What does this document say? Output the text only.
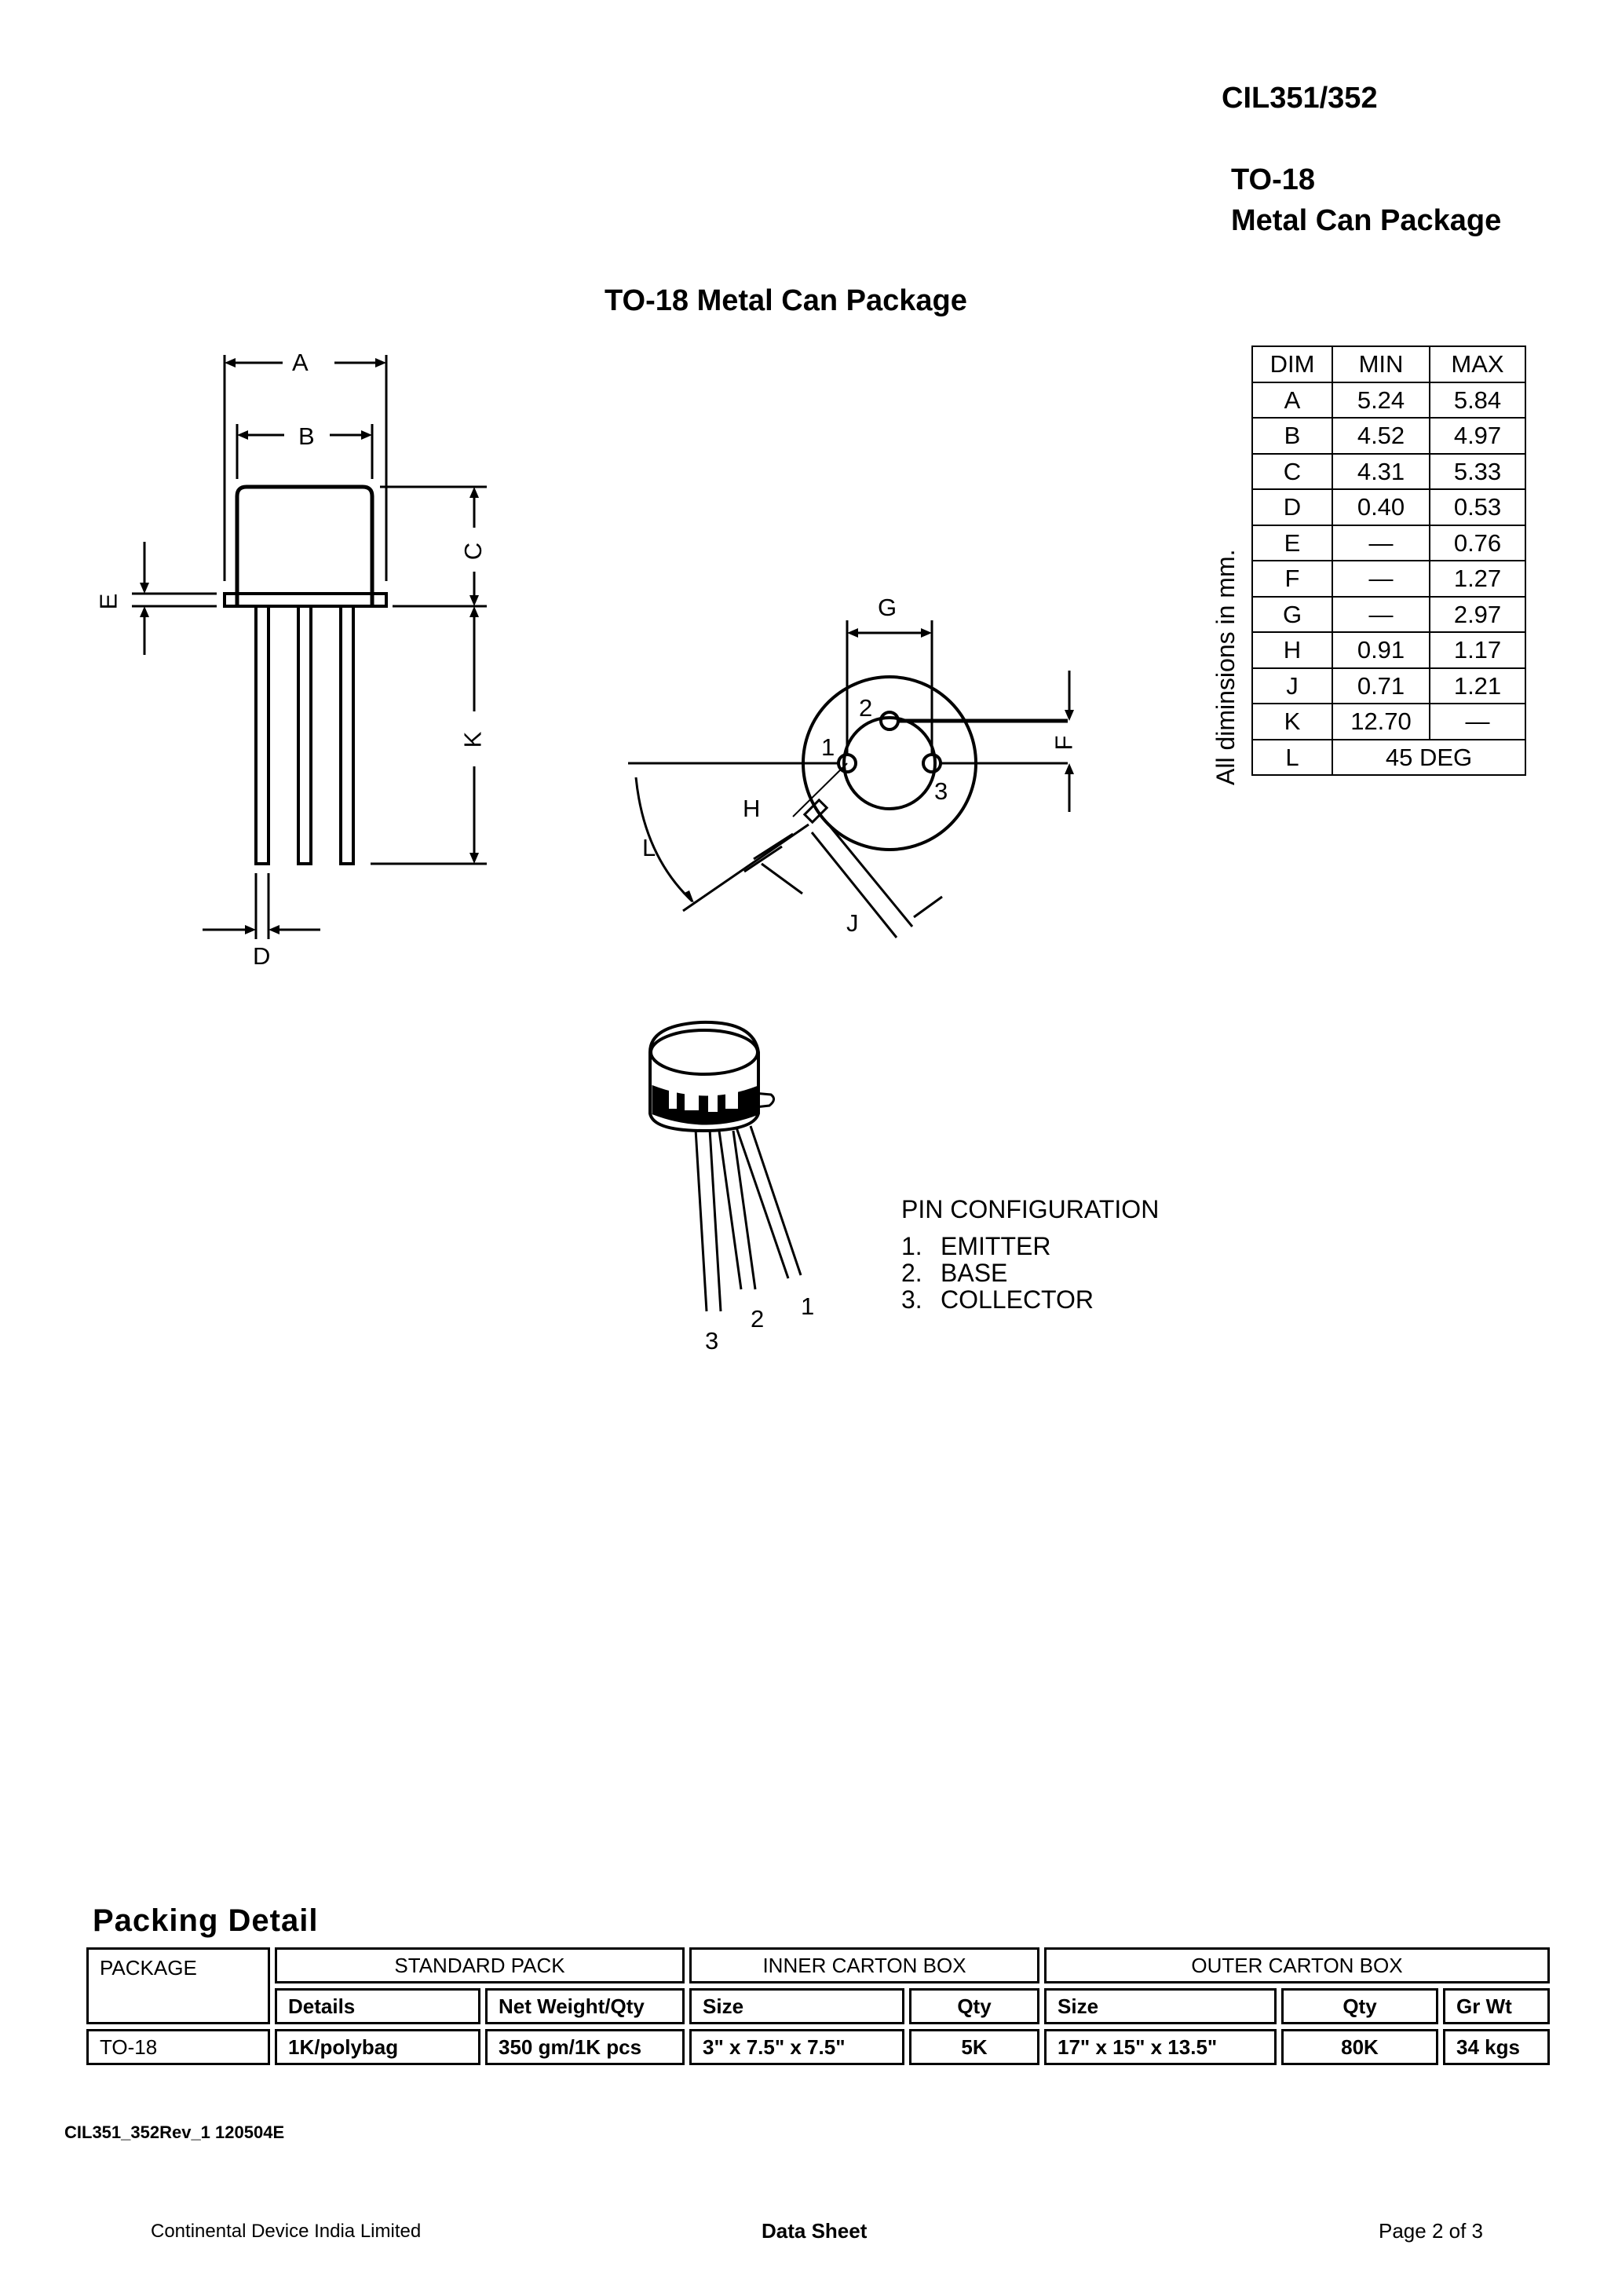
CIL351/352
TO-18
Metal Can Package
TO-18 Metal Can Package
A
B
C
K
E
D
G
F
H
L
J
1
2
3
DIM	MIN	MAX
A	5.24	5.84
B	4.52	4.97
C	4.31	5.33
D	0.40	0.53
E	—	0.76
F	—	1.27
G	—	2.97
H	0.91	1.17
J	0.71	1.21
K	12.70	—
L	45 DEG	
All diminsions in mm.
1
2
3
PIN CONFIGURATION
1. EMITTER
2. BASE
3. COLLECTOR
Packing Detail
PACKAGE	STANDARD PACK		INNER CARTON BOX		OUTER CARTON BOX		
	Details	Net Weight/Qty	Size	Qty	Size	Qty	Gr Wt
TO-18	1K/polybag	350 gm/1K pcs	3" x 7.5" x 7.5"	5K	17" x 15" x 13.5"	80K	34 kgs
CIL351_352Rev_1 120504E
Continental Device India Limited	Data Sheet	Page 2 of 3
